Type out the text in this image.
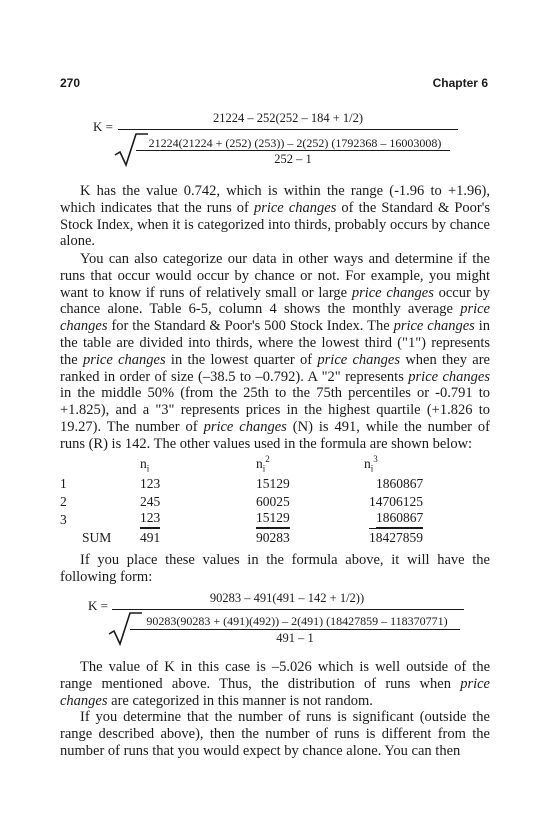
270	Chapter 6
K =
21224 – 252(252 – 184 + 1/2)
21224(21224 + (252) (253)) – 2(252) (1792368 – 16003008)
252 – 1

K has the value 0.742, which is within the range (-1.96 to +1.96), which indicates that the runs of price changes of the Standard & Poor's Stock Index, when it is categorized into thirds, probably occurs by chance alone.

You can also categorize our data in other ways and determine if the runs that occur would occur by chance or not. For example, you might want to know if runs of relatively small or large price changes occur by chance alone. Table 6-5, column 4 shows the monthly average price changes for the Standard & Poor's 500 Stock Index. The price changes in the table are divided into thirds, where the lowest third ("1") represents the price changes in the lowest quarter of price changes when they are ranked in order of size (–38.5 to –0.792). A "2" represents price changes in the middle 50% (from the 25th to the 75th percentiles or -0.791 to +1.825), and a "3" represents prices in the highest quartile (+1.826 to 19.27). The number of price changes (N) is 491, while the number of runs (R) is 142. The other values used in the formula are shown below:

	$n_i$	$n_i^2$	$n_i^3$
1	123	15129	1860867
2	245	60025	14706125
3	123	15129	1860867
SUM	491	90283	18427859

If you place these values in the formula above, it will have the following form:

K =	90283 – 491(491 – 142 + 1/2))
90283(90283 + (491)(492)) – 2(491) (18427859 – 118370771)
491 – 1

The value of K in this case is –5.026 which is well outside of the range mentioned above. Thus, the distribution of runs when price changes are categorized in this manner is not random.

If you determine that the number of runs is significant (outside the range described above), then the number of runs is different from the number of runs that you would expect by chance alone. You can then
